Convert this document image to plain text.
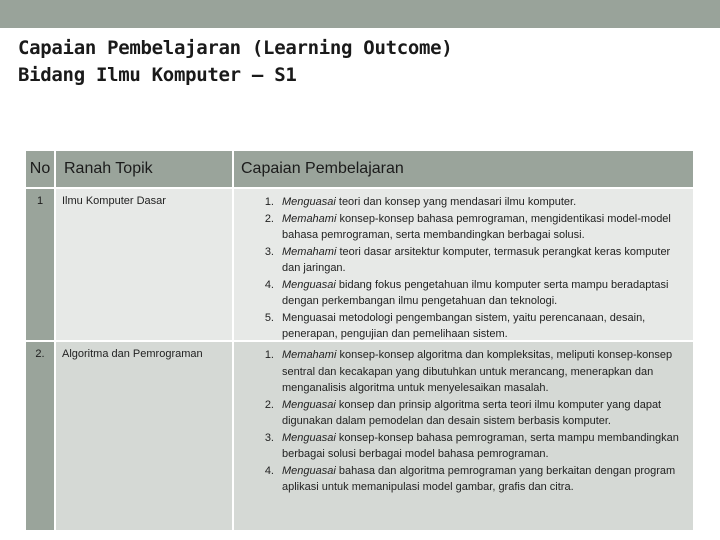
Capaian Pembelajaran (Learning Outcome)
Bidang Ilmu Komputer – S1
No Ranah Topik	Capaian Pembelajaran
1	Ilmu Komputer Dasar	1. Menguasai teori dan konsep yang mendasari ilmu komputer.
2. Memahami konsep-konsep bahasa pemrograman, mengidentikasi model-model bahasa pemrograman, serta membandingkan berbagai solusi.
3. Memahami teori dasar arsitektur komputer, termasuk perangkat keras komputer dan jaringan.
4. Menguasai bidang fokus pengetahuan ilmu komputer serta mampu beradaptasi dengan perkembangan ilmu pengetahuan dan teknologi.
5. Menguasai metodologi pengembangan sistem, yaitu perencanaan, desain, penerapan, pengujian dan pemelihaan sistem.
2.	Algoritma dan Pemrograman	1. Memahami konsep-konsep algoritma dan kompleksitas, meliputi konsep-konsep sentral dan kecakapan yang dibutuhkan untuk merancang, menerapkan dan menganalisis algoritma untuk menyelesaikan masalah.
2. Menguasai konsep dan prinsip algoritma serta teori ilmu komputer yang dapat digunakan dalam pemodelan dan desain sistem berbasis komputer.
3. Menguasai konsep-konsep bahasa pemrograman, serta mampu membandingkan berbagai solusi berbagai model bahasa pemrograman.
4. Menguasai bahasa dan algoritma pemrograman yang berkaitan dengan program aplikasi untuk memanipulasi model gambar, grafis dan citra.
